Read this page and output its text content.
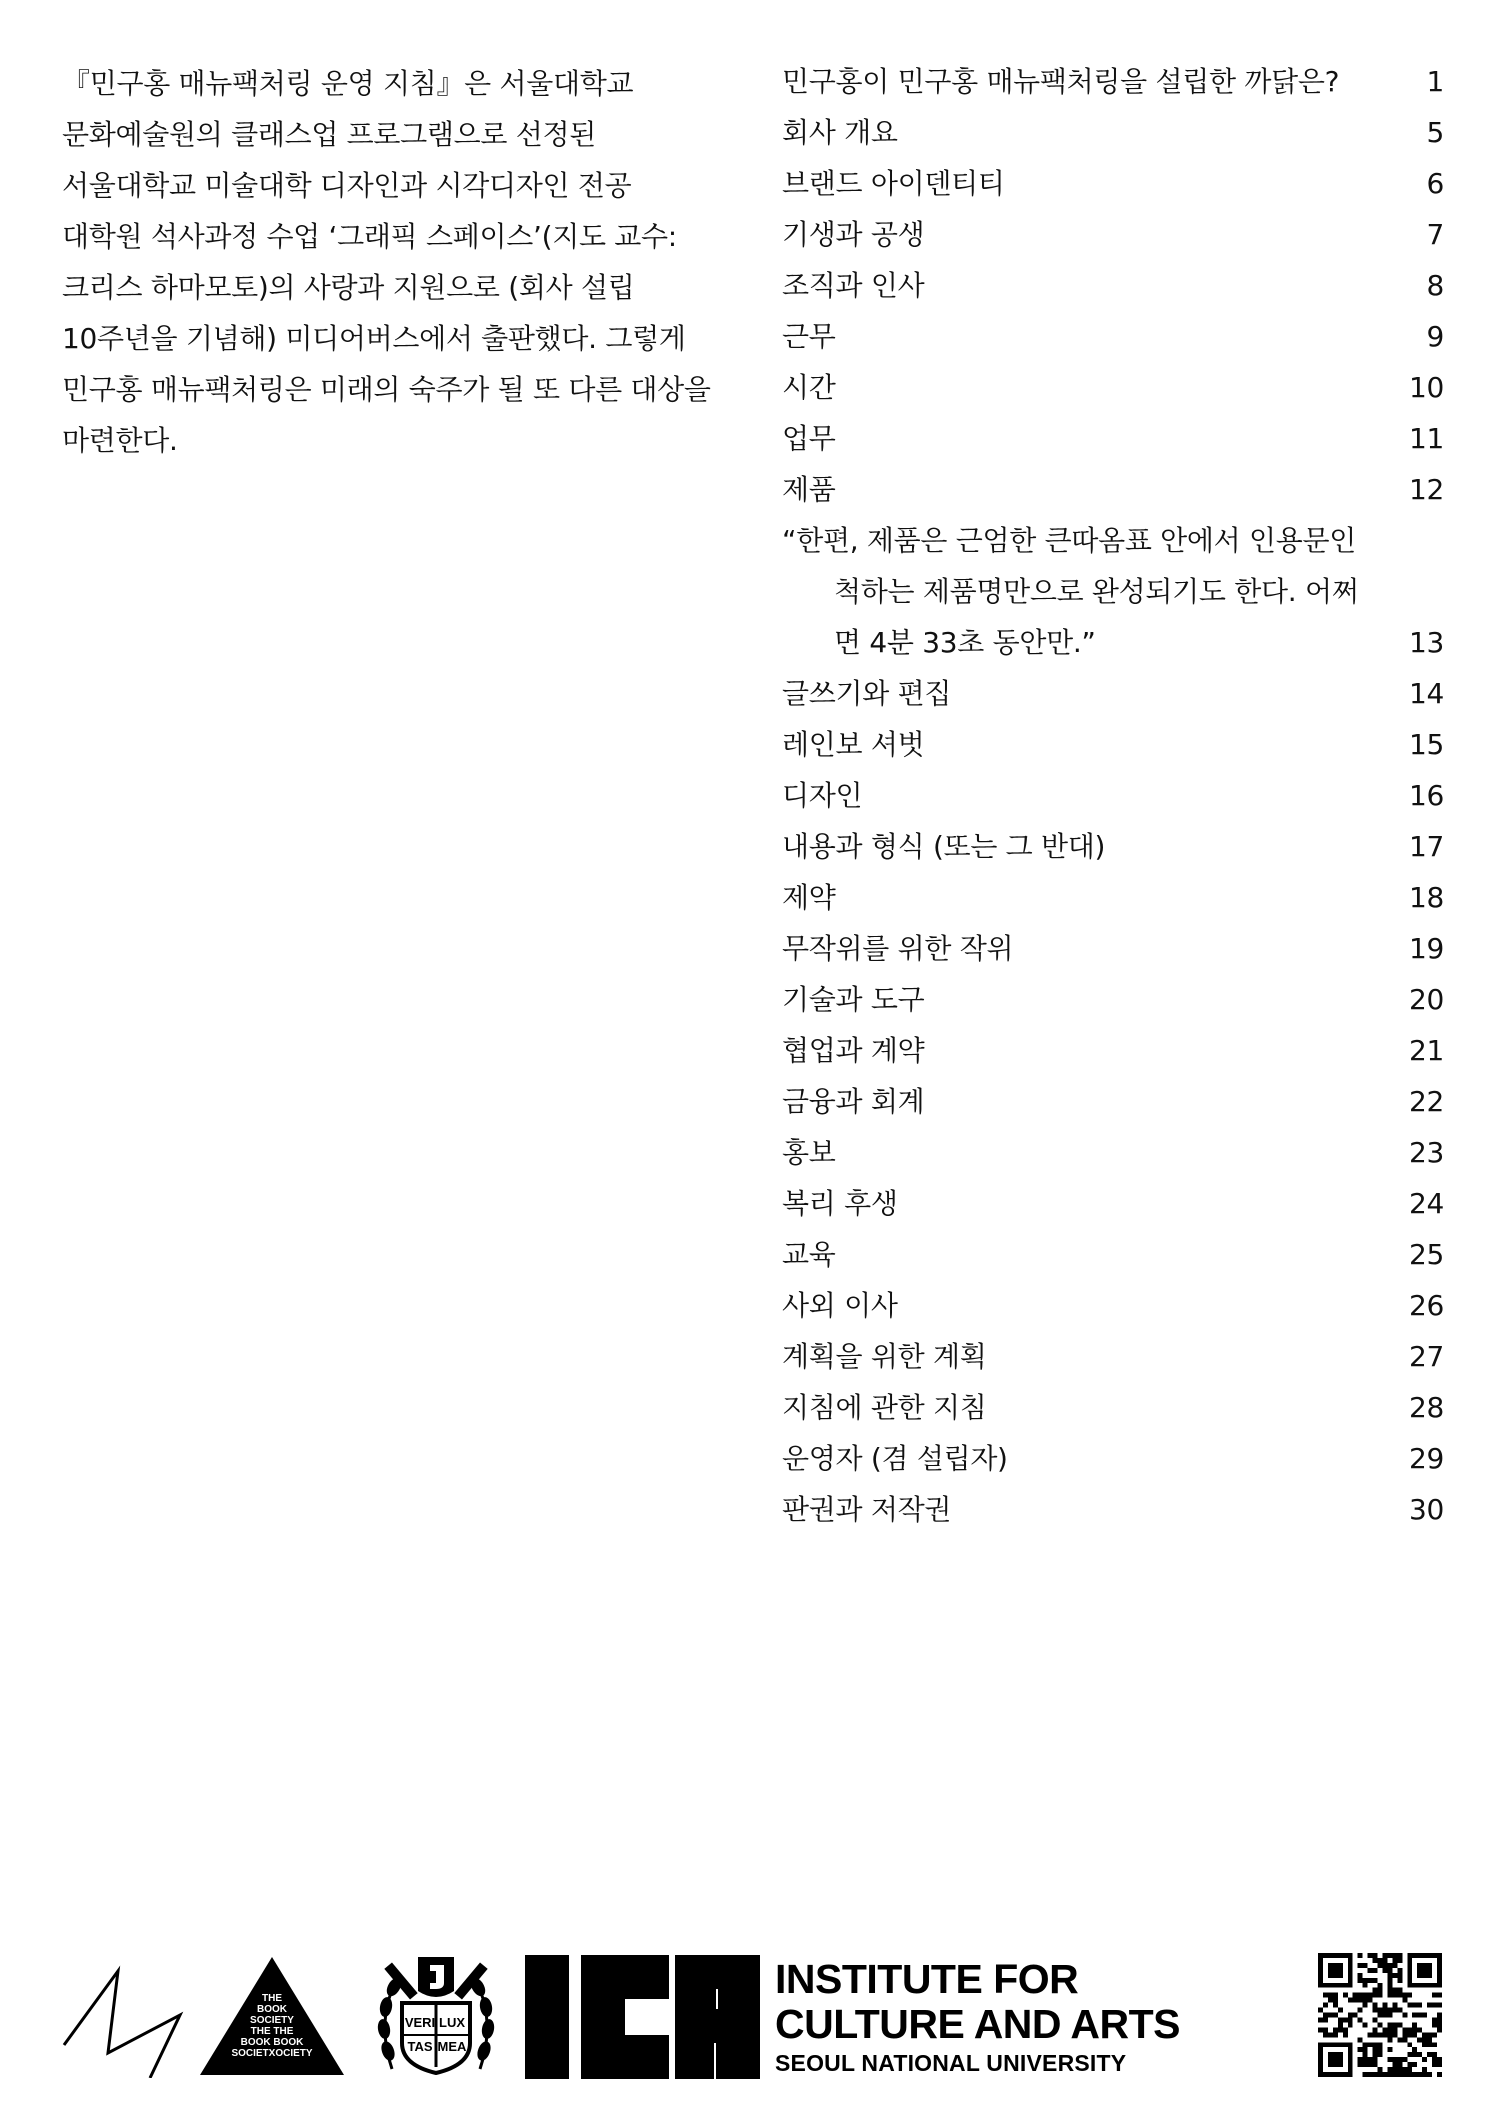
『민구홍 매뉴팩처링 운영 지침』은 서울대학교

문화예술원의 클래스업 프로그램으로 선정된

서울대학교 미술대학 디자인과 시각디자인 전공

대학원 석사과정 수업 ‘그래픽 스페이스’(지도 교수:

크리스 하마모토)의 사랑과 지원으로 (회사 설립

10주년을 기념해) 미디어버스에서 출판했다. 그렇게

민구홍 매뉴팩처링은 미래의 숙주가 될 또 다른 대상을

마련한다.

민구홍이 민구홍 매뉴팩처링을 설립한 까닭은?	1
회사 개요	5
브랜드 아이덴티티	6
기생과 공생	7
조직과 인사	8
근무	9
시간	10
업무	11
제품	12
“한편, 제품은 근엄한 큰따옴표 안에서 인용문인 척하는 제품명만으로 완성되기도 한다. 어쩌면 4분 33초 동안만.”	13
글쓰기와 편집	14
레인보 셔벗	15
디자인	16
내용과 형식 (또는 그 반대)	17
제약	18
무작위를 위한 작위	19
기술과 도구	20
협업과 계약	21
금융과 회계	22
홍보	23
복리 후생	24
교육	25
사외 이사	26
계획을 위한 계획	27
지침에 관한 지침	28
운영자 (겸 설립자)	29
판권과 저작권	30
THE
BOOK
SOCIETY
THE THE
BOOK BOOK
SOCIETXOCIETY
VERI LUX
TAS MEA
INSTITUTE FOR
CULTURE AND ARTS
SEOUL NATIONAL UNIVERSITY
